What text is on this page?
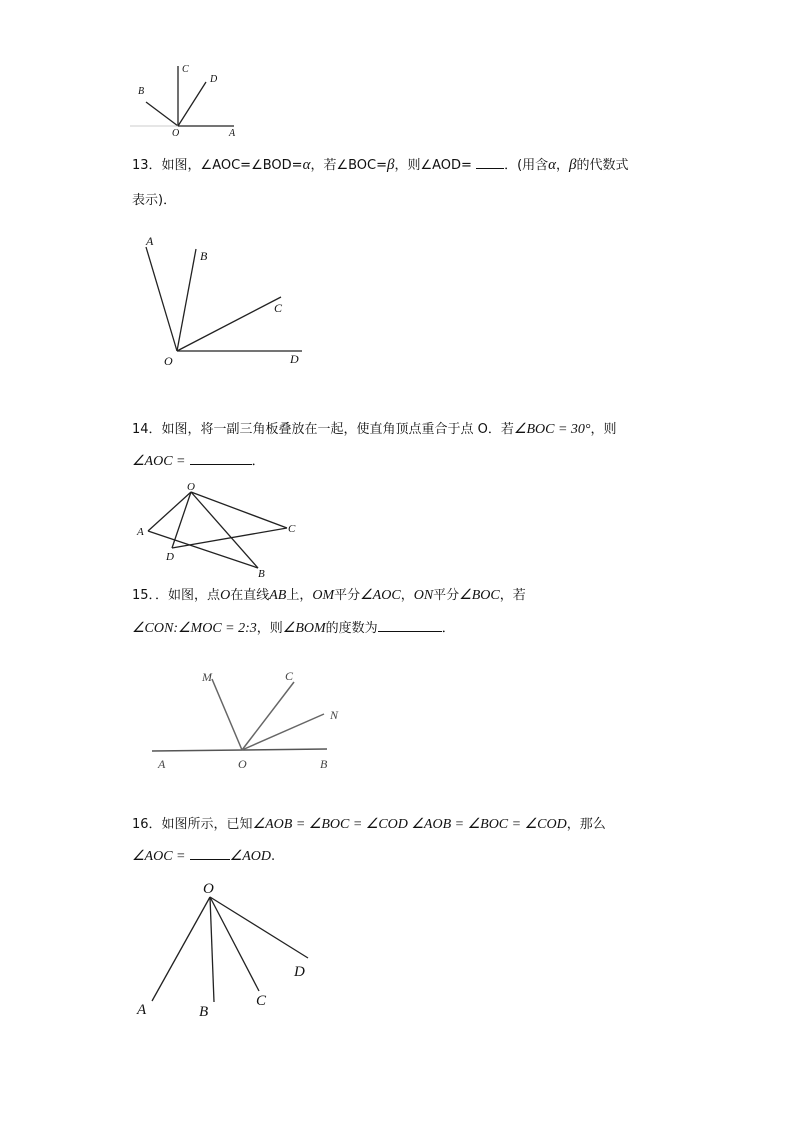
A
B
C
D
O
13．如图，∠AOC=∠BOD=α，若∠BOC=β，则∠AOD= ．(用含α，β的代数式
表示)．
A
B
C
D
O
14．如图，将一副三角板叠放在一起，使直角顶点重合于点 O．若∠BOC = 30°，则
∠AOC =	．
O
A	C
D
B
15．．如图，点O在直线AB上，OM平分∠AOC，ON平分∠BOC，若
∠CON:∠MOC = 2:3，则∠BOM的度数为	．
M	C
N
A	O	B
16．如图所示，已知∠AOB = ∠BOC = ∠COD ∠AOB = ∠BOC = ∠COD，那么
∠AOC =	∠AOD.
O
A	B
C
D
